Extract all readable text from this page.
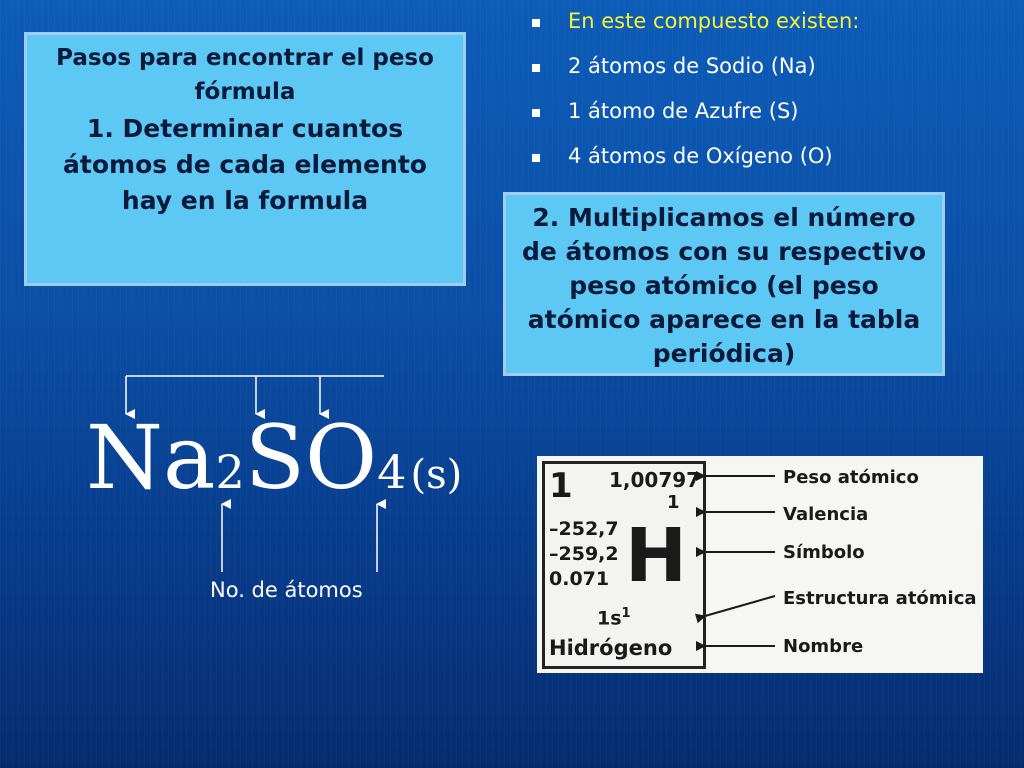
Pasos para encontrar el peso fórmula
1. Determinar cuantos átomos de cada elemento hay en la formula
En este compuesto existen:
2 átomos de Sodio (Na)
1 átomo de Azufre (S)
4 átomos de Oxígeno (O)
2. Multiplicamos el número de átomos con su respectivo peso atómico (el peso atómico aparece en la tabla periódica)
Na2SO4 (s)
No. de átomos
1 1,00797
1
–252,7
–259,2
0.071 H
$1s^1$
Hidrógeno
Peso atómico
Valencia
Símbolo
Estructura atómica
Nombre
